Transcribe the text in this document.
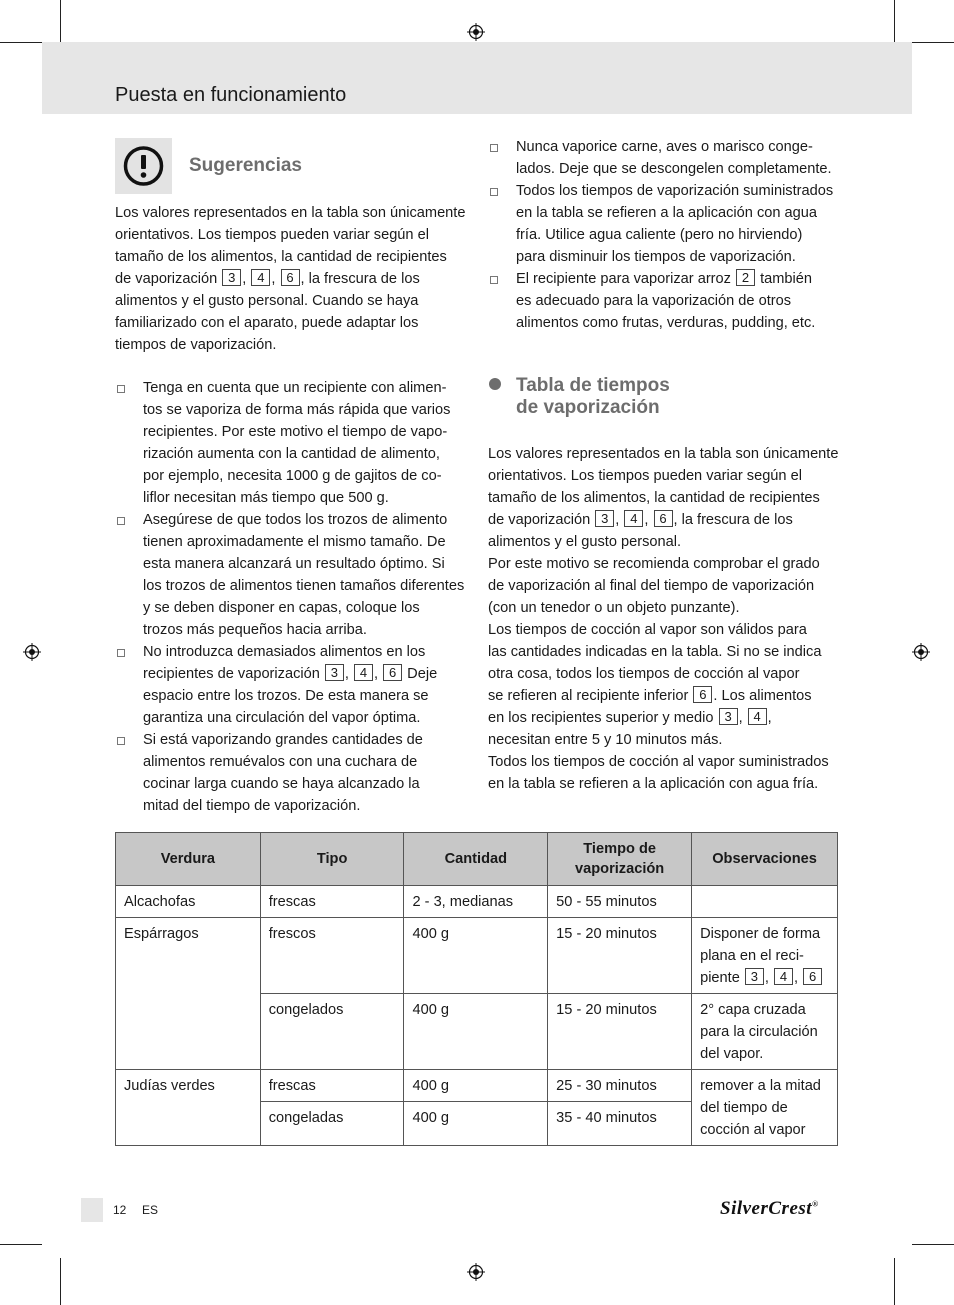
Puesta en funcionamiento
Sugerencias

Los valores representados en la tabla son únicamente
orientativos. Los tiempos pueden variar según el
tamaño de los alimentos, la cantidad de recipientes
de vaporización 3 , 4 , 6 , la frescura de los
alimentos y el gusto personal. Cuando se haya
familiarizado con el aparato, puede adaptar los
tiempos de vaporización.

Tenga en cuenta que un recipiente con alimen-
tos se vaporiza de forma más rápida que varios
recipientes. Por este motivo el tiempo de vapo-
rización aumenta con la cantidad de alimento,
por ejemplo, necesita 1000 g de gajitos de co-
liflor necesitan más tiempo que 500 g.

Asegúrese de que todos los trozos de alimento
tienen aproximadamente el mismo tamaño. De
esta manera alcanzará un resultado óptimo. Si
los trozos de alimentos tienen tamaños diferentes
y se deben disponer en capas, coloque los
trozos más pequeños hacia arriba.

No introduzca demasiados alimentos en los
recipientes de vaporización 3 , 4 , 6 Deje
espacio entre los trozos. De esta manera se
garantiza una circulación del vapor óptima.

Si está vaporizando grandes cantidades de
alimentos remuévalos con una cuchara de
cocinar larga cuando se haya alcanzado la
mitad del tiempo de vaporización.

Nunca vaporice carne, aves o marisco conge-
lados. Deje que se descongelen completamente.

Todos los tiempos de vaporización suministrados
en la tabla se refieren a la aplicación con agua
fría. Utilice agua caliente (pero no hirviendo)
para disminuir los tiempos de vaporización.

El recipiente para vaporizar arroz 2 también
es adecuado para la vaporización de otros
alimentos como frutas, verduras, pudding, etc.

Tabla de tiempos
de vaporización

Los valores representados en la tabla son únicamente
orientativos. Los tiempos pueden variar según el
tamaño de los alimentos, la cantidad de recipientes
de vaporización 3 , 4 , 6 , la frescura de los
alimentos y el gusto personal.
Por este motivo se recomienda comprobar el grado
de vaporización al final del tiempo de vaporización
(con un tenedor o un objeto punzante).
Los tiempos de cocción al vapor son válidos para
las cantidades indicadas en la tabla. Si no se indica
otra cosa, todos los tiempos de cocción al vapor
se refieren al recipiente inferior 6 . Los alimentos
en los recipientes superior y medio 3 , 4 ,
necesitan entre 5 y 10 minutos más.
Todos los tiempos de cocción al vapor suministrados
en la tabla se refieren a la aplicación con agua fría.

Verdura	Tipo	Cantidad	Tiempo de vaporización	Observaciones
Alcachofas	frescas	2 - 3, medianas	50 - 55 minutos	
Espárragos	frescos	400 g	15 - 20 minutos	Disponer de forma
plana en el reci-
piente 3 , 4 , 6

	congelados	400 g	15 - 20 minutos	2° capa cruzada
para la circulación
del vapor.

Judías verdes	frescas	400 g	25 - 30 minutos	remover a la mitad
del tiempo de
cocción al vapor

	congeladas	400 g	35 - 40 minutos	
12 ES	SilverCrest®
